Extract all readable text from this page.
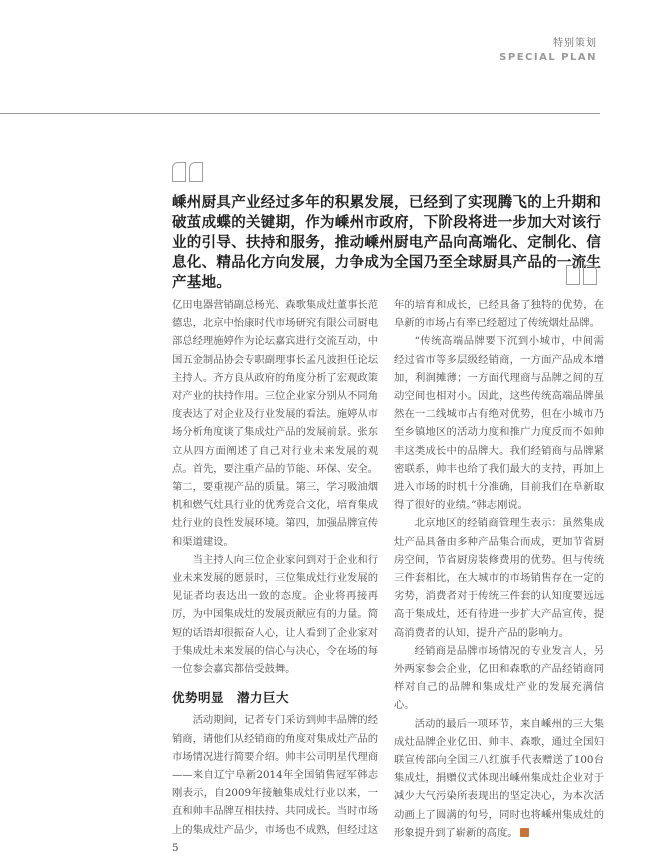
特别策划
SPECIAL PLAN

嵊州厨具产业经过多年的积累发展，已经到了实现腾飞的上升期和破茧成蝶的关键期，作为嵊州市政府，下阶段将进一步加大对该行业的引导、扶持和服务，推动嵊州厨电产品向高端化、定制化、信息化、精品化方向发展，力争成为全国乃至全球厨具产品的一流生产基地。

亿田电器营销副总杨光、森歌集成灶董事长范德忠，北京中怡康时代市场研究有限公司厨电部总经理施婷作为论坛嘉宾进行交流互动，中国五金制品协会专职副理事长孟凡波担任论坛主持人。齐方良从政府的角度分析了宏观政策对产业的扶持作用。三位企业家分别从不同角度表达了对企业及行业发展的看法。施婷从市场分析角度谈了集成灶产品的发展前景。张东立从四方面阐述了自己对行业未来发展的观点。首先，要注重产品的节能、环保、安全。第二，要重视产品的质量。第三，学习吸油烟机和燃气灶具行业的优秀竞合文化，培育集成灶行业的良性发展环境。第四，加强品牌宣传和渠道建设。

当主持人向三位企业家问到对于企业和行业未来发展的愿景时，三位集成灶行业发展的见证者均表达出一致的态度。企业将再接再厉，为中国集成灶的发展贡献应有的力量。简短的话语却很振奋人心，让人看到了企业家对于集成灶未来发展的信心与决心，令在场的每一位参会嘉宾都倍受鼓舞。

优势明显　潜力巨大

活动期间，记者专门采访到帅丰品牌的经销商，请他们从经销商的角度对集成灶产品的市场情况进行简要介绍。帅丰公司明星代理商——来自辽宁阜新2014年全国销售冠军韩志刚表示，自2009年接触集成灶行业以来，一直和帅丰品牌互相扶持、共同成长。当时市场上的集成灶产品少，市场也不成熟，但经过这5

年的培育和成长，已经具备了独特的优势，在阜新的市场占有率已经超过了传统烟灶品牌。

“传统高端品牌要下沉到小城市，中间需经过省市等多层级经销商，一方面产品成本增加，利润摊薄；一方面代理商与品牌之间的互动空间也相对小。因此，这些传统高端品牌虽然在一二线城市占有绝对优势，但在小城市乃至乡镇地区的活动力度和推广力度反而不如帅丰这类成长中的品牌大。我们经销商与品牌紧密联系，帅丰也给了我们最大的支持，再加上进入市场的时机十分准确，目前我们在阜新取得了很好的业绩。”韩志刚说。

北京地区的经销商管理生表示：虽然集成灶产品具备由多种产品集合而成，更加节省厨房空间，节省厨房装修费用的优势。但与传统三件套相比，在大城市的市场销售存在一定的劣势，消费者对于传统三件套的认知度要远远高于集成灶，还有待进一步扩大产品宣传，提高消费者的认知，提升产品的影响力。

经销商是品牌市场情况的专业发言人，另外两家参会企业，亿田和森歌的产品经销商同样对自己的品牌和集成灶产业的发展充满信心。

活动的最后一项环节，来自嵊州的三大集成灶品牌企业亿田、帅丰、森歌，通过全国妇联宣传部向全国三八红旗手代表赠送了100台集成灶，捐赠仪式体现出嵊州集成灶企业对于减少大气污染所表现出的坚定决心，为本次活动画上了圆满的句号，同时也将嵊州集成灶的形象提升到了崭新的高度。
